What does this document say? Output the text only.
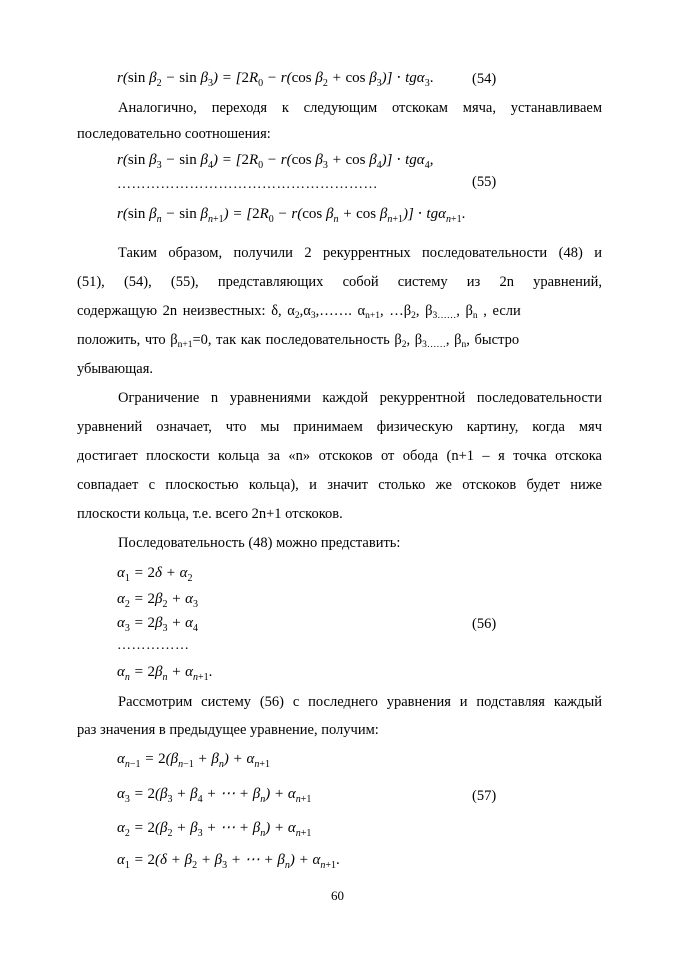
r(sin $\beta_2 - \sin \beta_3) = [2R_0 - r(\cos$ $\beta_2 + \cos \beta_3)] \cdot tg\alpha_3$.	(54)
Аналогично, переходя к следующим отскокам мяча, устанавливаем
последовательно соотношения:
r(sin $\beta_3 - \sin \beta_4) = [2R_0 - r(\cos$ $\beta_3 + \cos \beta_4)] \cdot tg\alpha_4$,
………………………………………………	(55)
r(sin $\beta_n - \sin \beta_{n+1}) = [2R_0 - r(\cos$ $\beta_n + \cos \beta_{n+1})] \cdot tg\alpha_{n+1}$.
Таким образом, получили 2 рекуррентных последовательности (48) и
(51), (54), (55), представляющих собой систему из 2n уравнений,
содержащую 2n неизвестных: δ, $\alpha_2,\alpha_3,\dots\dots$. $\alpha_{n+1}$, $\dots\beta_2$, $\beta_{3\dots\dots}$, $\beta_n$ , если
положить, что $\beta_{n+1}=0$, так как последовательность $\beta_2$, $\beta_{3\dots\dots}$, $\beta_n$, быстро
убывающая.
Ограничение n уравнениями каждой рекуррентной последовательности
уравнений означает, что мы принимаем физическую картину, когда мяч
достигает плоскости кольца за «n» отскоков от обода (n+1 – я точка отскока
совпадает с плоскостью кольца), и значит столько же отскоков будет ниже
плоскости кольца, т.е. всего 2n+1 отскоков.
Последовательность (48) можно представить:
$\alpha_1 = 2\delta + \alpha_2$
$\alpha_2 = 2\beta_2 + \alpha_3$
$\alpha_3 = 2\beta_3 + \alpha_4$	(56)
……………
$\alpha_n = 2\beta_n + \alpha_{n+1}$.
Рассмотрим систему (56) с последнего уравнения и подставляя каждый
раз значения в предыдущее уравнение, получим:
$\alpha_{n-1} = 2(\beta_{n-1} + \beta_n) + \alpha_{n+1}$
$\alpha_3 = 2(\beta_3 + \beta_4$ + ⋯ + $\beta_n) + \alpha_{n+1}$	(57)
$\alpha_2 = 2(\beta_2 + \beta_3$ + ⋯ + $\beta_n) + \alpha_{n+1}$
$\alpha_1 = 2(\delta + \beta_2 + \beta_3$ + ⋯ + $\beta_n) + \alpha_{n+1}$.
60
